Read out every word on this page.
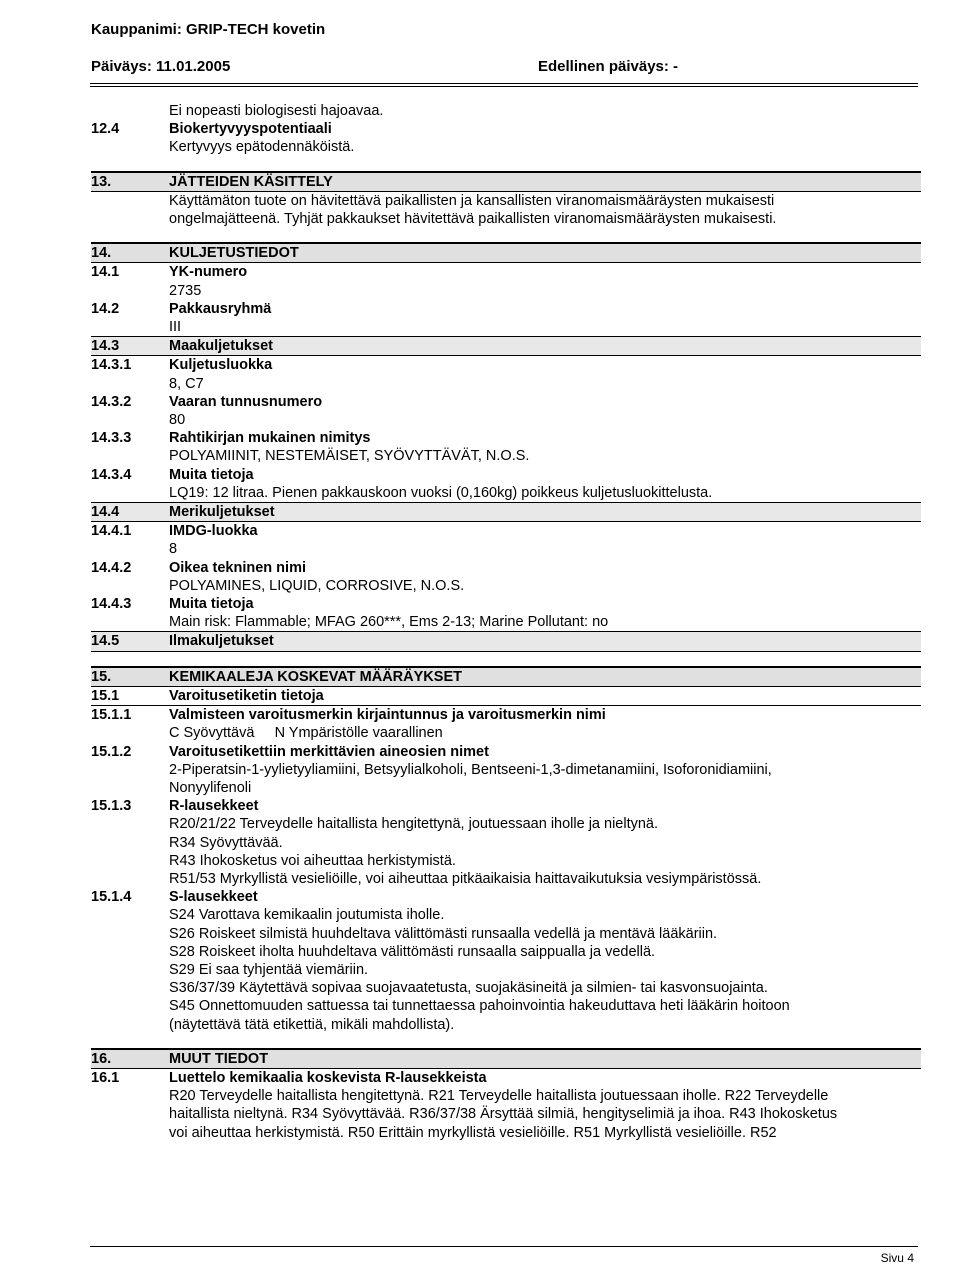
Kauppanimi: GRIP-TECH kovetin
Päiväys: 11.01.2005	Edellinen päiväys: -
Ei nopeasti biologisesti hajoavaa.
12.4	Biokertyvyyspotentiaali
Kertyvyys epätodennäköistä.
13.	JÄTTEIDEN KÄSITTELY
Käyttämäton tuote on hävitettävä paikallisten ja kansallisten viranomaismääräysten mukaisesti
ongelmajätteenä. Tyhjät pakkaukset hävitettävä paikallisten viranomaismääräysten mukaisesti.
14.	KULJETUSTIEDOT
14.1	YK-numero
2735
14.2	Pakkausryhmä
III
14.3	Maakuljetukset
14.3.1	Kuljetusluokka
8, C7
14.3.2	Vaaran tunnusnumero
80
14.3.3	Rahtikirjan mukainen nimitys
POLYAMIINIT, NESTEMÄISET, SYÖVYTTÄVÄT, N.O.S.
14.3.4	Muita tietoja
LQ19: 12 litraa. Pienen pakkauskoon vuoksi (0,160kg) poikkeus kuljetusluokittelusta.
14.4	Merikuljetukset
14.4.1	IMDG-luokka
8
14.4.2	Oikea tekninen nimi
POLYAMINES, LIQUID, CORROSIVE, N.O.S.
14.4.3	Muita tietoja
Main risk: Flammable; MFAG 260***, Ems 2-13; Marine Pollutant: no
14.5	Ilmakuljetukset
15.	KEMIKAALEJA KOSKEVAT MÄÄRÄYKSET
15.1	Varoitusetiketin tietoja
15.1.1	Valmisteen varoitusmerkin kirjaintunnus ja varoitusmerkin nimi
C Syövyttävä     N Ympäristölle vaarallinen
15.1.2	Varoitusetikettiin merkittävien aineosien nimet
2-Piperatsin-1-yylietyyliamiini, Betsyylialkoholi, Bentseeni-1,3-dimetanamiini, Isoforonidiamiini,
Nonyylifenoli
15.1.3	R-lausekkeet
R20/21/22 Terveydelle haitallista hengitettynä, joutuessaan iholle ja nieltynä.
R34 Syövyttävää.
R43 Ihokosketus voi aiheuttaa herkistymistä.
R51/53 Myrkyllistä vesieliöille, voi aiheuttaa pitkäaikaisia haittavaikutuksia vesiympäristössä.
15.1.4	S-lausekkeet
S24 Varottava kemikaalin joutumista iholle.
S26 Roiskeet silmistä huuhdeltava välittömästi runsaalla vedellä ja mentävä lääkäriin.
S28 Roiskeet iholta huuhdeltava välittömästi runsaalla saippualla ja vedellä.
S29 Ei saa tyhjentää viemäriin.
S36/37/39 Käytettävä sopivaa suojavaatetusta, suojakäsineitä ja silmien- tai kasvonsuojainta.
S45 Onnettomuuden sattuessa tai tunnettaessa pahoinvointia hakeuduttava heti lääkärin hoitoon
(näytettävä tätä etikettiä, mikäli mahdollista).
16.	MUUT TIEDOT
16.1	Luettelo kemikaalia koskevista R-lausekkeista
R20 Terveydelle haitallista hengitettynä. R21 Terveydelle haitallista joutuessaan iholle. R22 Terveydelle
haitallista nieltynä. R34 Syövyttävää. R36/37/38 Ärsyttää silmiä, hengityselimiä ja ihoa. R43 Ihokosketus
voi aiheuttaa herkistymistä. R50 Erittäin myrkyllistä vesieliöille. R51 Myrkyllistä vesieliöille. R52
Sivu 4
